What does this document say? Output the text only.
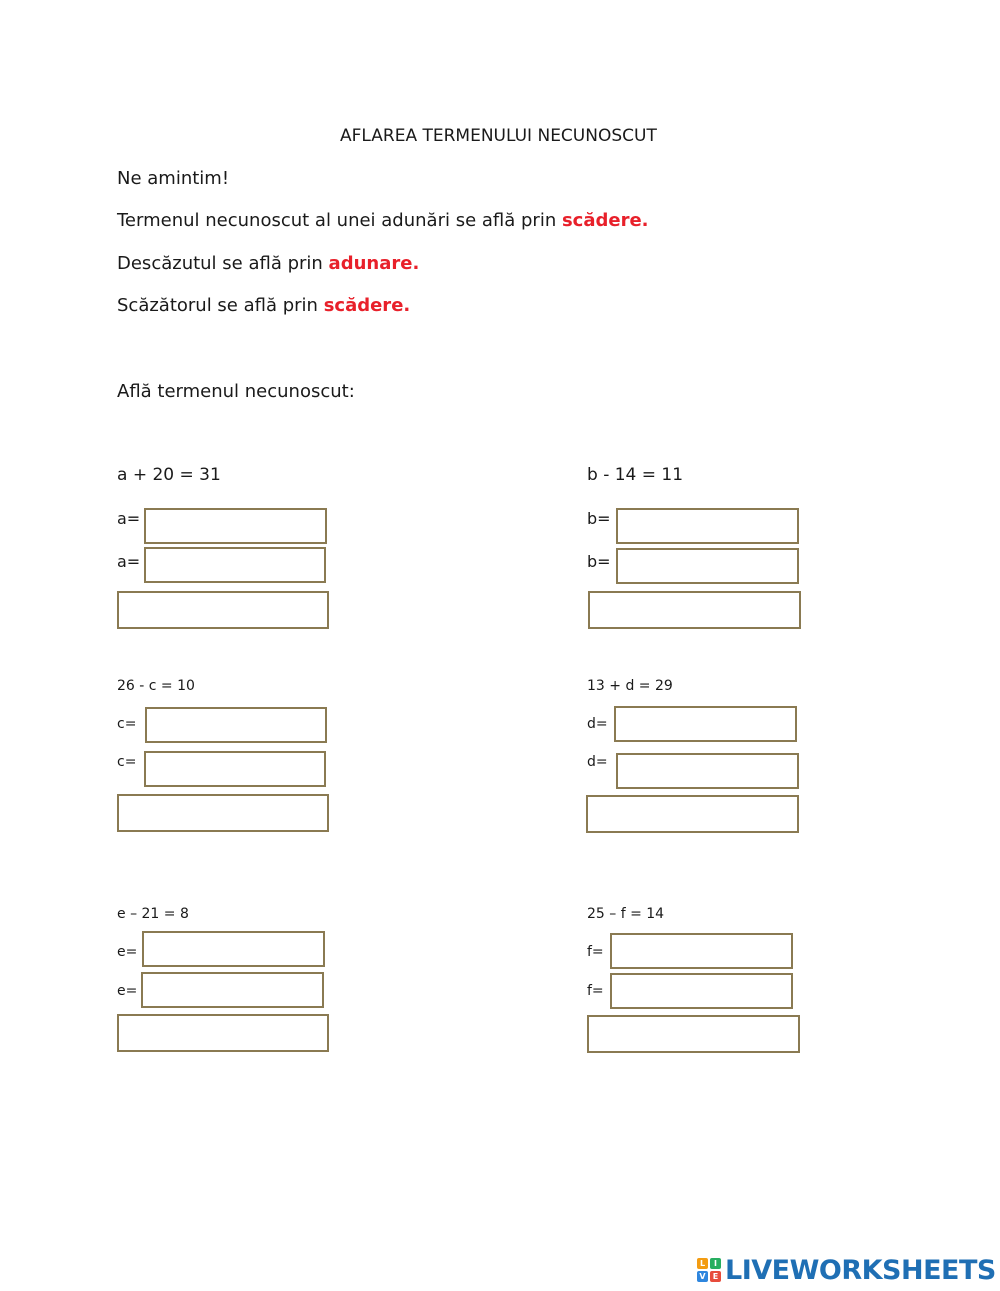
AFLAREA TERMENULUI NECUNOSCUT
Ne amintim!
Termenul necunoscut al unei adunări se află prin scădere.
Descăzutul se află prin adunare.
Scăzătorul se află prin scădere.
Află termenul necunoscut:
a + 20 = 31
a=
a=
b - 14 = 11
b=
b=
26 - c = 10
c=
c=
13 + d = 29
d=
d=
e – 21 = 8
e=
e=
25 – f = 14
f=
f=
L	I
V E LIVEWORKSHEETS
